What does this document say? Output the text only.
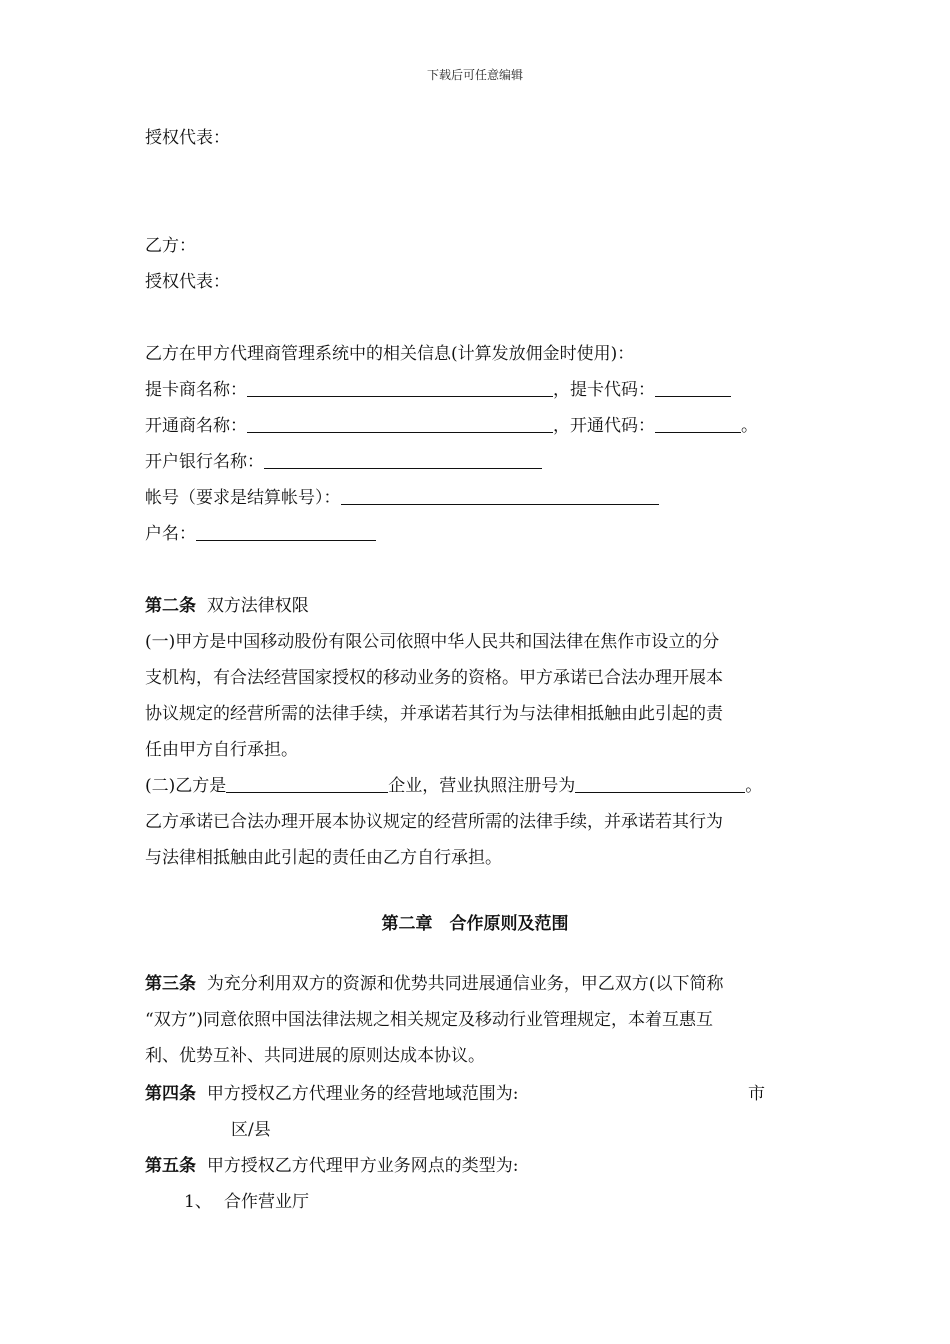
下载后可任意编辑
授权代表：
乙方：
授权代表：
乙方在甲方代理商管理系统中的相关信息(计算发放佣金时使用)：
提卡商名称：	，提卡代码：
开通商名称：	，开通代码：	。
开户银行名称：
帐号（要求是结算帐号）：
户名：
第二条 双方法律权限
(一)甲方是中国移动股份有限公司依照中华人民共和国法律在焦作市设立的分
支机构，有合法经营国家授权的移动业务的资格。甲方承诺已合法办理开展本
协议规定的经营所需的法律手续，并承诺若其行为与法律相抵触由此引起的责
任由甲方自行承担。
(二)乙方是	企业，营业执照注册号为	。
乙方承诺已合法办理开展本协议规定的经营所需的法律手续，并承诺若其行为
与法律相抵触由此引起的责任由乙方自行承担。
第二章　合作原则及范围
第三条 为充分利用双方的资源和优势共同进展通信业务，甲乙双方(以下简称
“双方”)同意依照中国法律法规之相关规定及移动行业管理规定，本着互惠互
利、优势互补、共同进展的原则达成本协议。
第四条 甲方授权乙方代理业务的经营地域范围为:	市
区/县
第五条 甲方授权乙方代理甲方业务网点的类型为:
1、 合作营业厅
